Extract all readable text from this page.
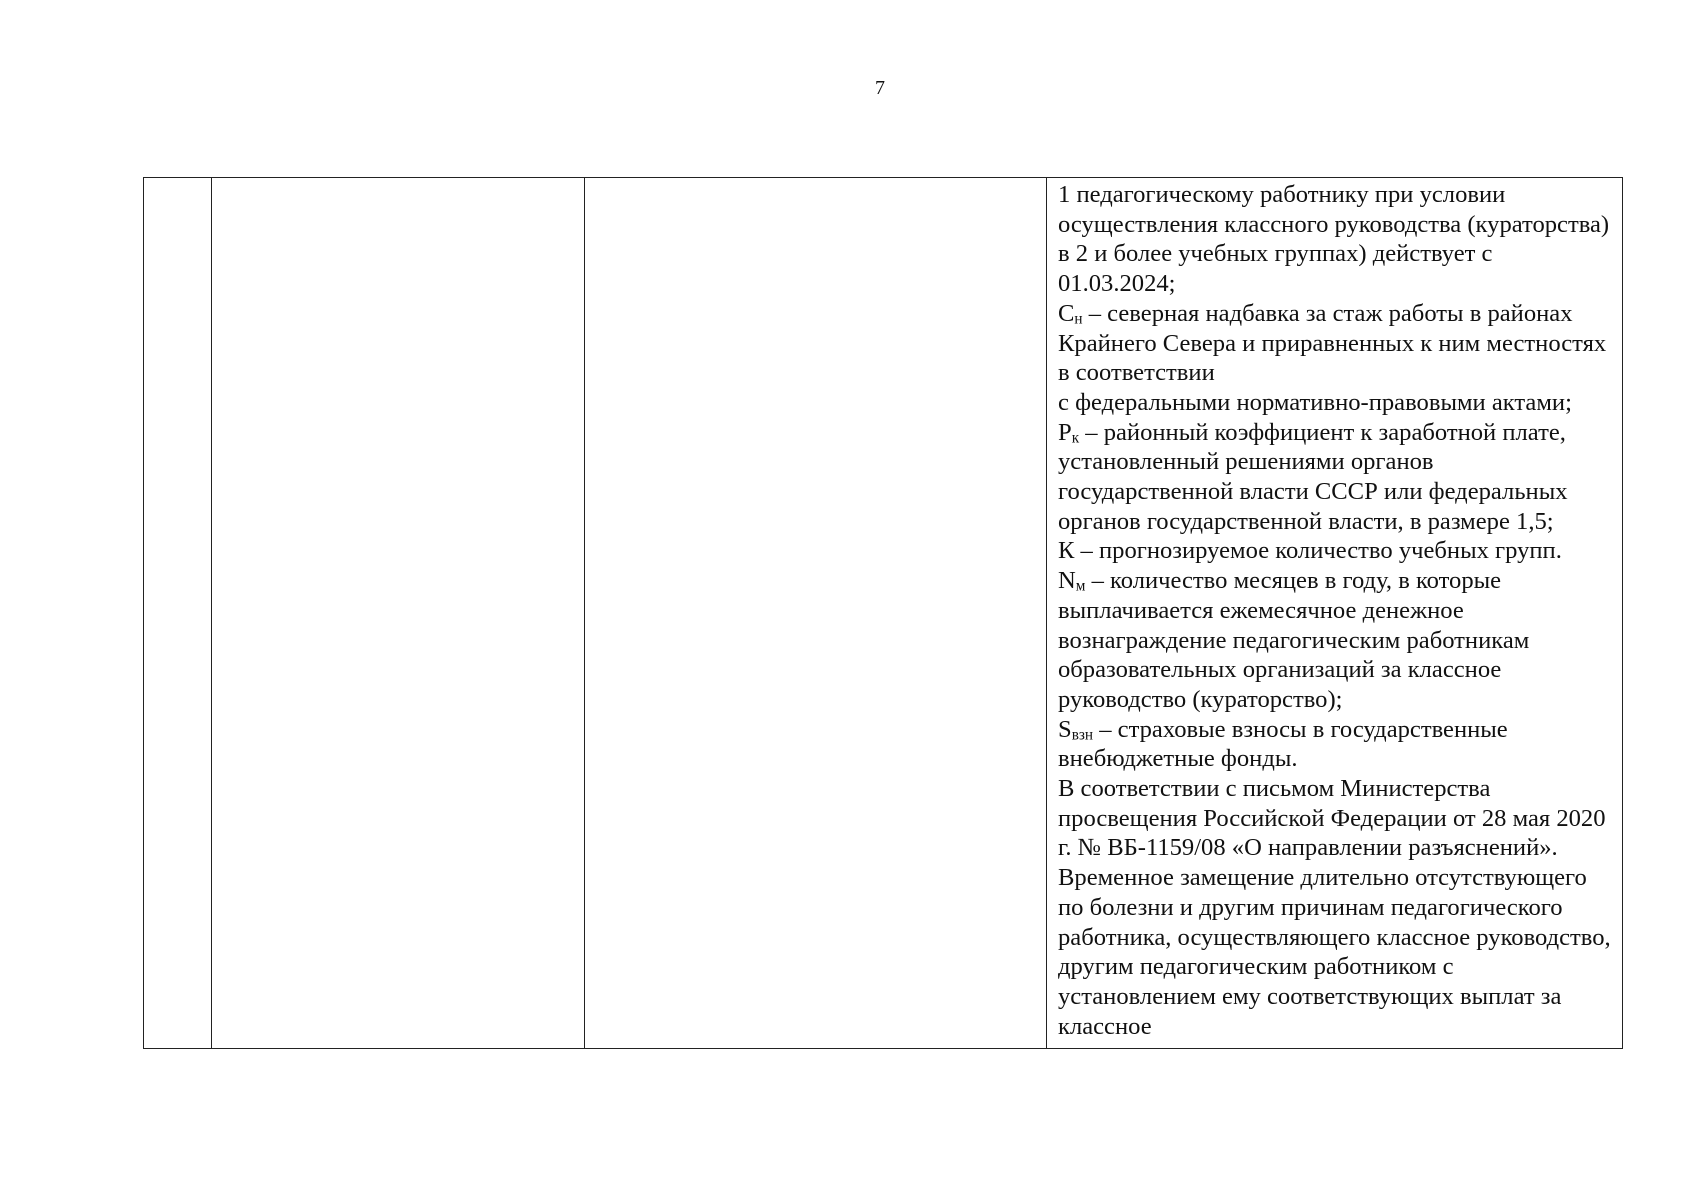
7

1 педагогическому работнику при условии осуществления классного руководства (кураторства) в 2 и более учебных группах) действует с 01.03.2024;

$С_н$ – северная надбавка за стаж работы в районах Крайнего Севера и приравненных к ним местностях в соответствии

с федеральными нормативно-правовыми актами;

$Р_к$ – районный коэффициент к заработной плате, установленный решениями органов государственной власти СССР или федеральных органов государственной власти, в размере 1,5;

К – прогнозируемое количество учебных групп.

$N_м$ – количество месяцев в году, в которые выплачивается ежемесячное денежное вознаграждение педагогическим работникам образовательных организаций за классное руководство (кураторство);

$S_{взн}$ – страховые взносы в государственные внебюджетные фонды.

В соответствии с письмом Министерства просвещения Российской Федерации от 28 мая 2020 г. № ВБ-1159/08 «О направлении разъяснений». Временное замещение длительно отсутствующего по болезни и другим причинам педагогического работника, осуществляющего классное руководство, другим педагогическим работником с установлением ему соответствующих выплат за классное
